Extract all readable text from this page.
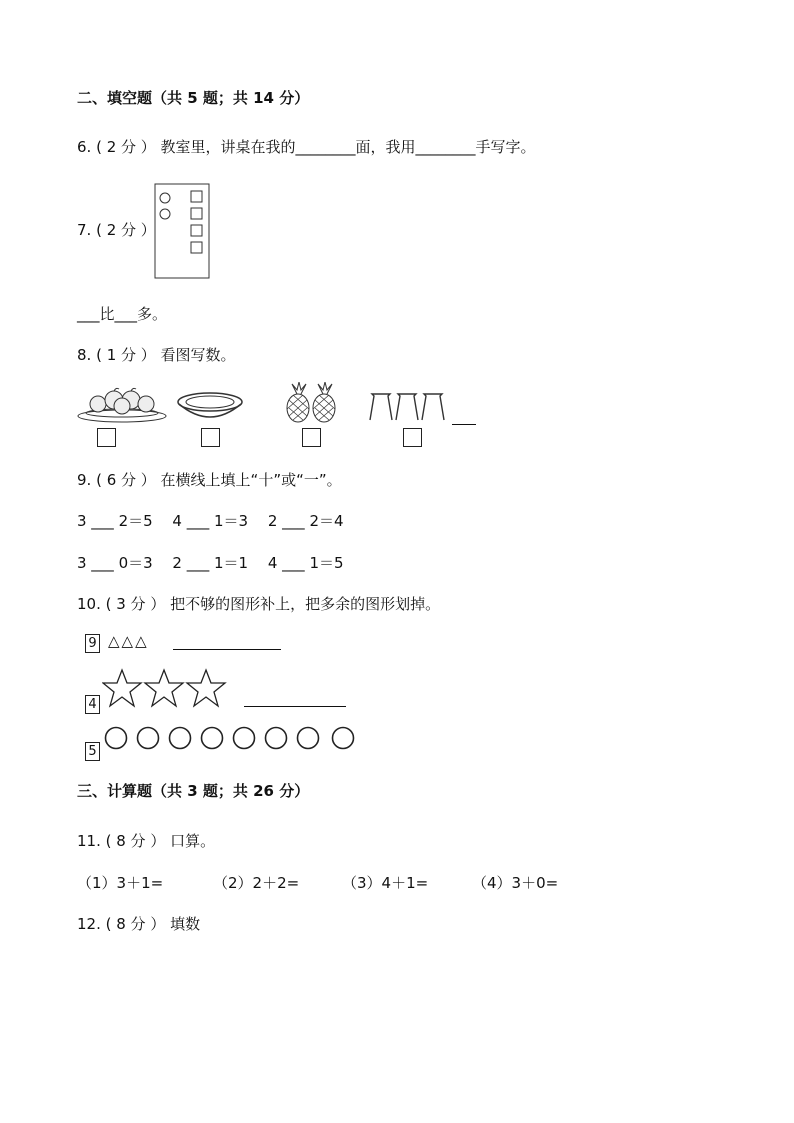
二、填空题（共 5 题；共 14 分）
6. ( 2 分 ） 教室里，讲桌在我的________面，我用________手写字。
7. ( 2 分 ）
___比___多。
8. ( 1 分 ） 看图写数。
9. ( 6 分 ） 在横线上填上“十”或“一”。
3 ___ 2＝5　 4 ___ 1＝3　 2 ___ 2＝4
3 ___ 0＝3　 2 ___ 1＝1　 4 ___ 1＝5
10. ( 3 分 ） 把不够的图形补上，把多余的图形划掉。
9 △△△
4
5
三、计算题（共 3 题；共 26 分）
11. ( 8 分 ） 口算。
（1）3＋1=	（2）2＋2=	（3）4＋1=	（4）3＋0=
12. ( 8 分 ） 填数
